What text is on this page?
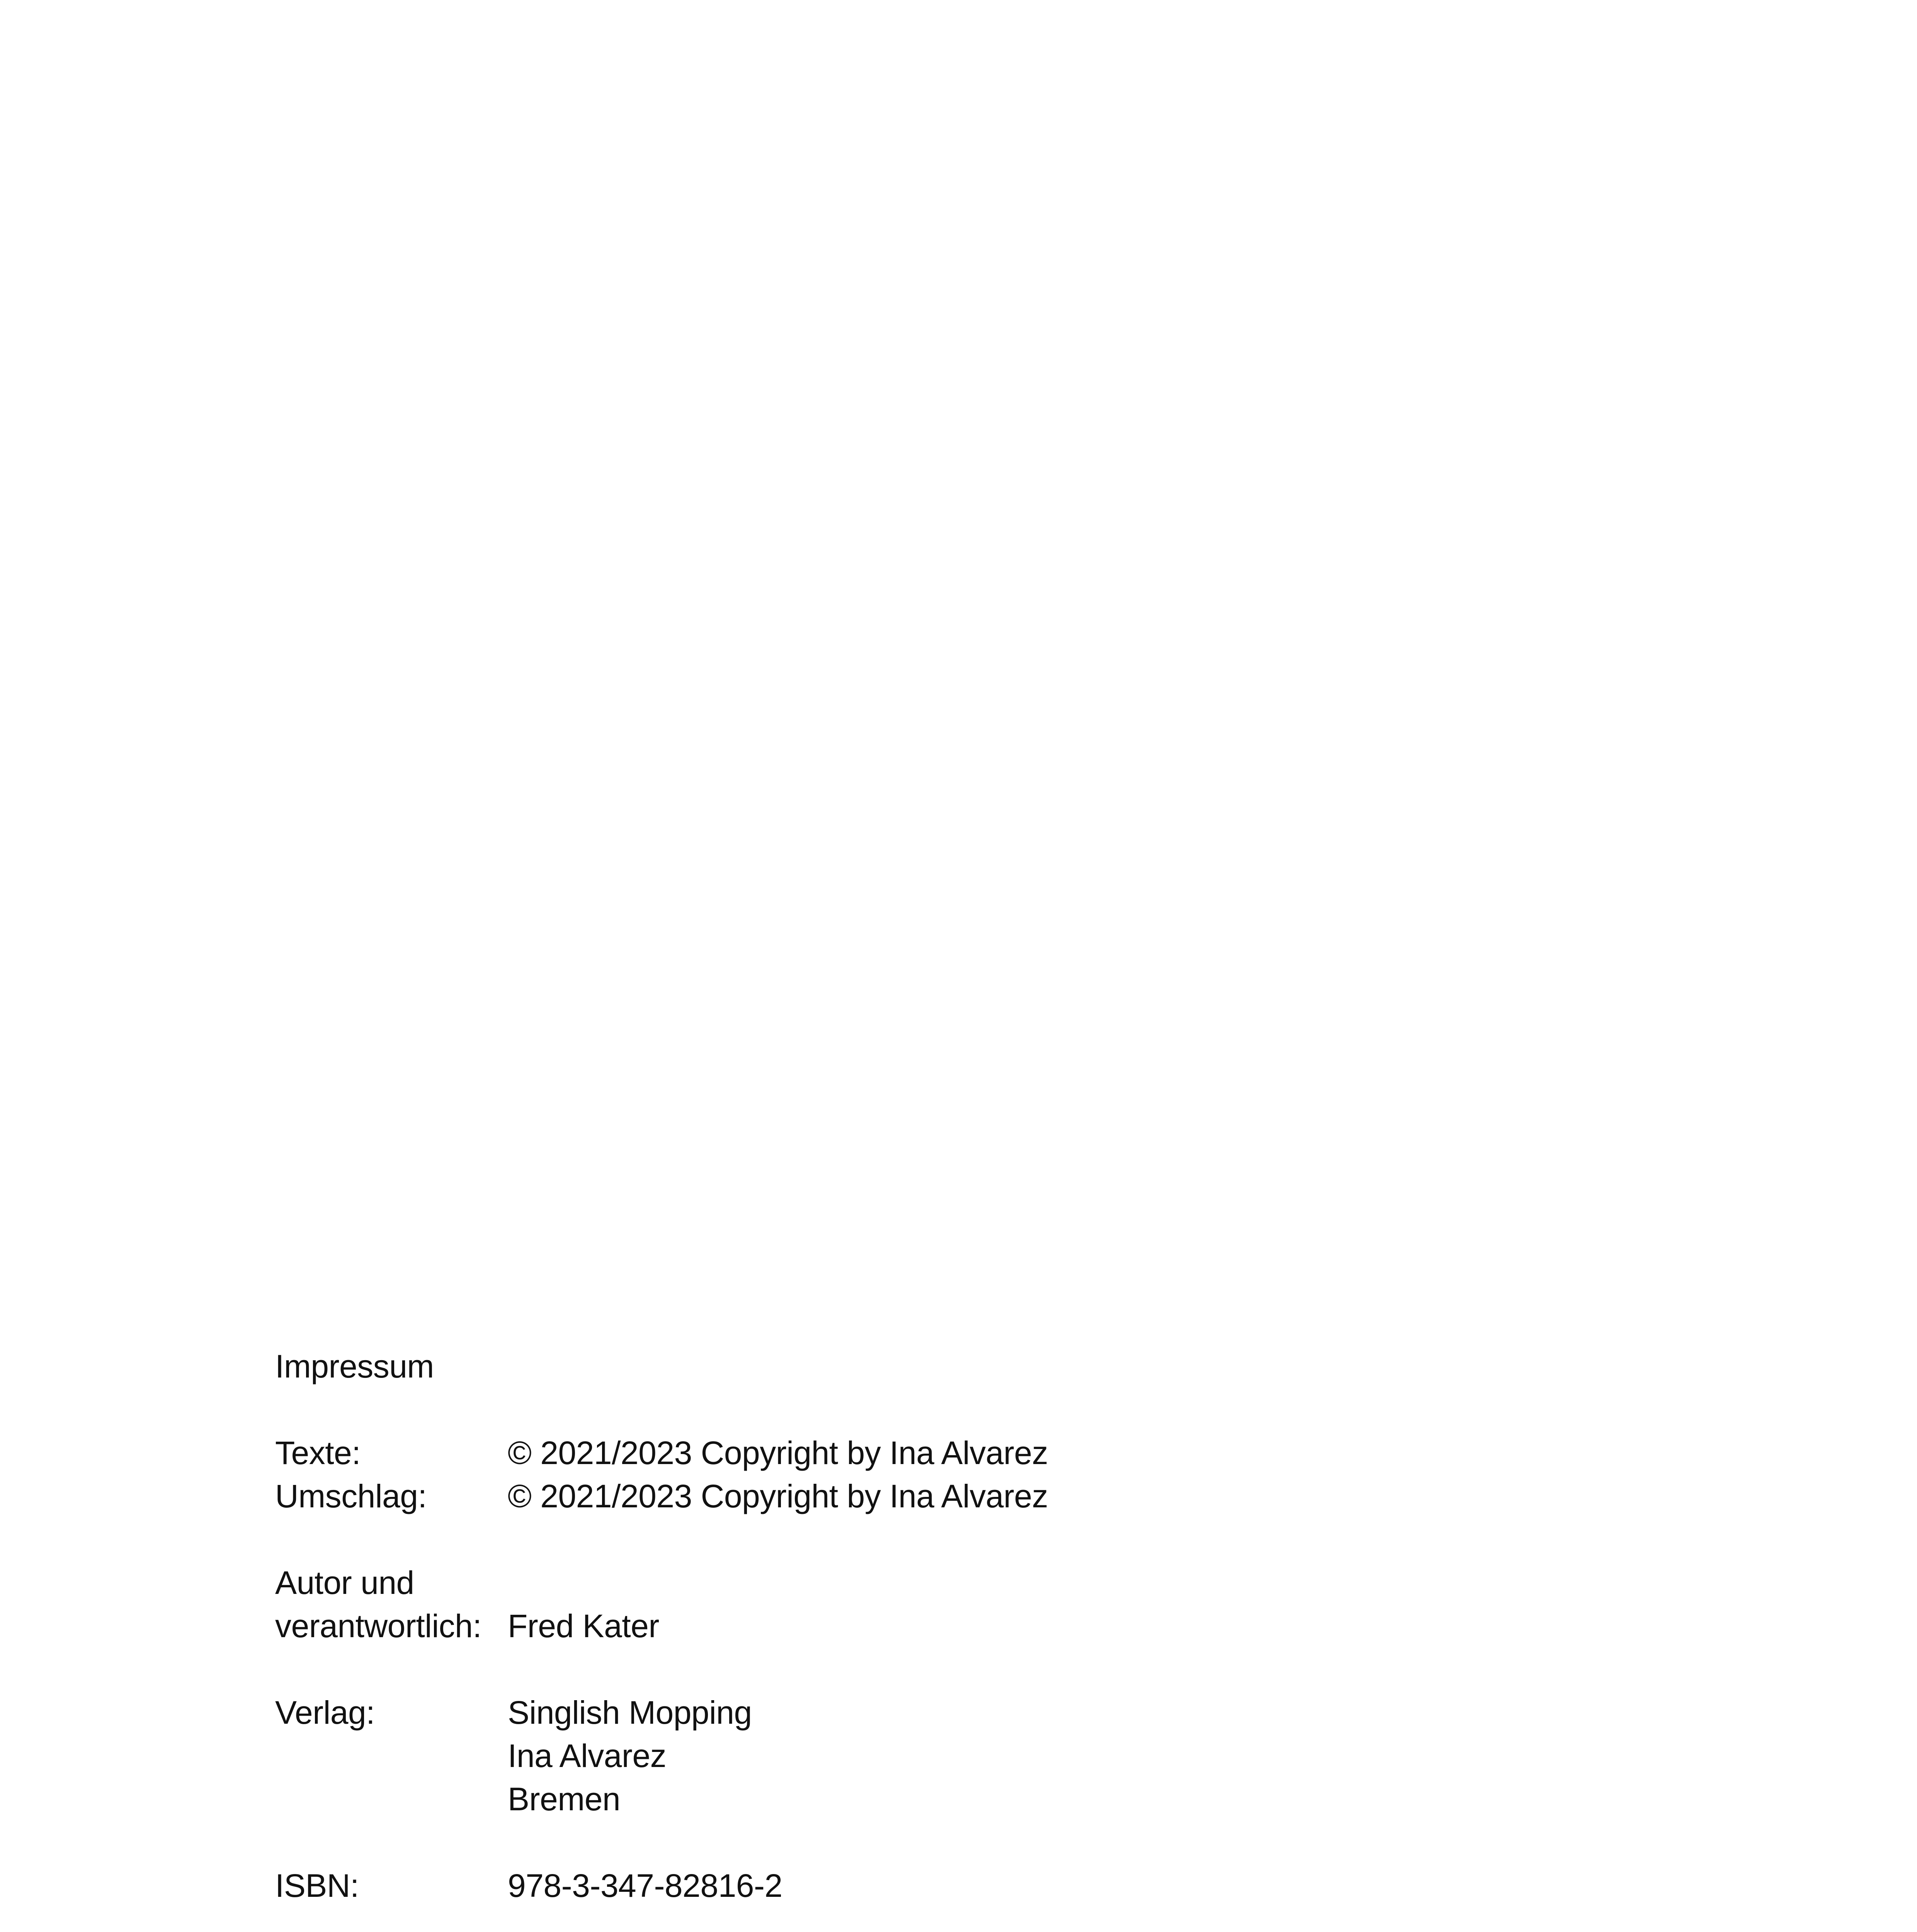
Impressum
Texte:	© 2021/2023 Copyright by Ina Alvarez
Umschlag:	© 2021/2023 Copyright by Ina Alvarez
Autor und
verantwortlich: Fred Kater
Verlag:	Singlish Mopping
Ina Alvarez
Bremen
ISBN:	978-3-347-82816-2
